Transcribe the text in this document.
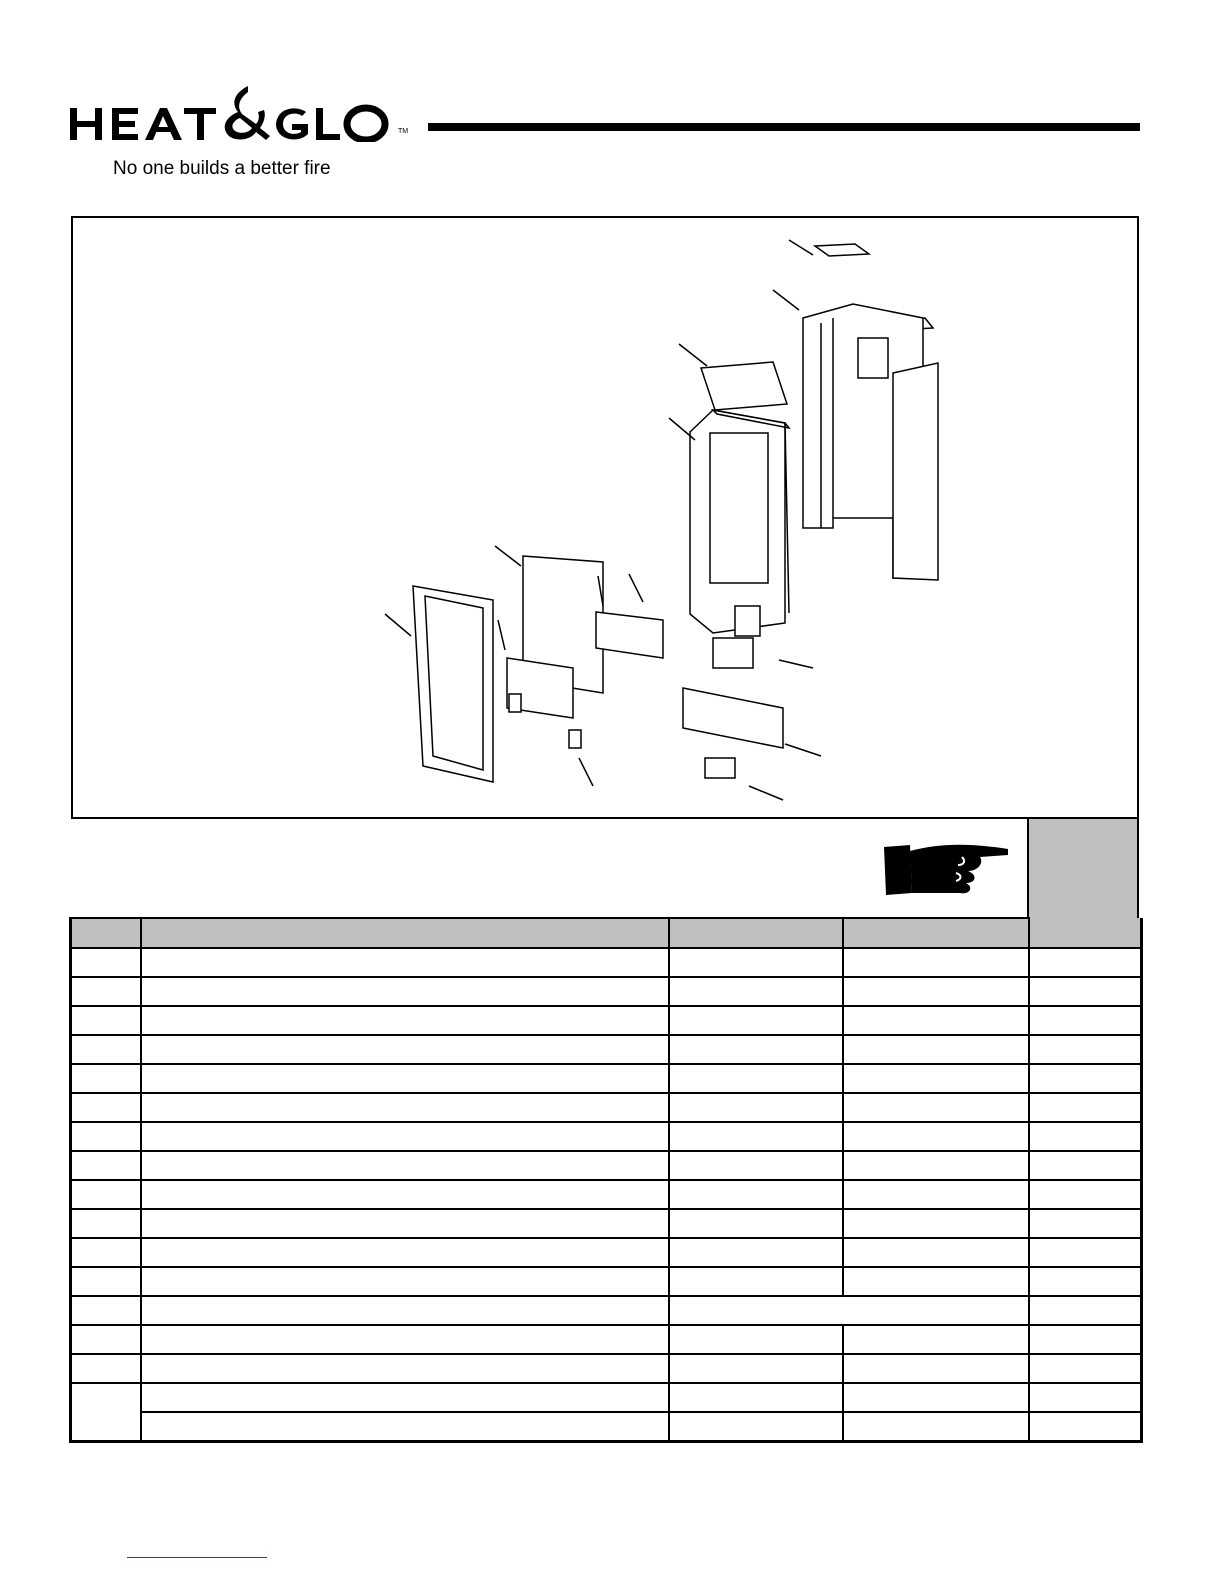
TM
No one builds a better fire
